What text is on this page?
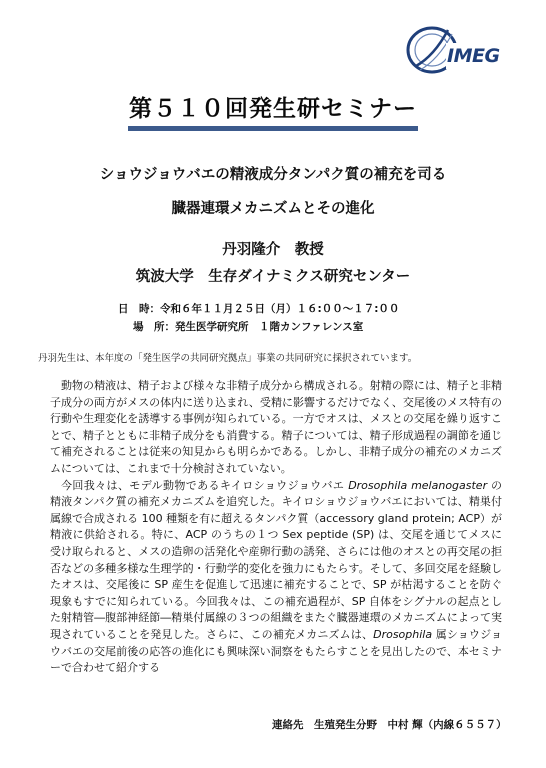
IMEG
第５１０回発生研セミナー
ショウジョウバエの精液成分タンパク質の補充を司る
臓器連環メカニズムとその進化
丹羽隆介　教授
筑波大学　生存ダイナミクス研究センター
日　時：令和６年１１月２５日（月）１６:００～１７:００
場　所：発生医学研究所　１階カンファレンス室
丹羽先生は、本年度の「発生医学の共同研究拠点」事業の共同研究に採択されています。

動物の精液は、精子および様々な非精子成分から構成される。射精の際には、精子と非精子成分の両方がメスの体内に送り込まれ、受精に影響するだけでなく、交尾後のメス特有の行動や生理変化を誘導する事例が知られている。一方でオスは、メスとの交尾を繰り返すことで、精子とともに非精子成分をも消費する。精子については、精子形成過程の調節を通じて補充されることは従来の知見からも明らかである。しかし、非精子成分の補充のメカニズムについては、これまで十分検討されていない。

今回我々は、モデル動物であるキイロショウジョウバエ Drosophila melanogaster の精液タンパク質の補充メカニズムを追究した。キイロショウジョウバエにおいては、精巣付属線で合成される 100 種類を有に超えるタンパク質（accessory gland protein; ACP）が精液に供給される。特に、ACP のうちの１つ Sex peptide (SP) は、交尾を通じてメスに受け取られると、メスの造卵の活発化や産卵行動の誘発、さらには他のオスとの再交尾の拒否などの多種多様な生理学的・行動学的変化を強力にもたらす。そして、多回交尾を経験したオスは、交尾後に SP 産生を促進して迅速に補充することで、SP が枯渇することを防ぐ現象もすでに知られている。今回我々は、この補充過程が、SP 自体をシグナルの起点とした射精管―腹部神経節―精巣付属線の３つの組織をまたぐ臓器連環のメカニズムによって実現されていることを発見した。さらに、この補充メカニズムは、Drosophila 属ショウジョウバエの交尾前後の応答の進化にも興味深い洞察をもたらすことを見出したので、本セミナーで合わせて紹介する

連絡先　生殖発生分野　中村 輝（内線６５５７）
